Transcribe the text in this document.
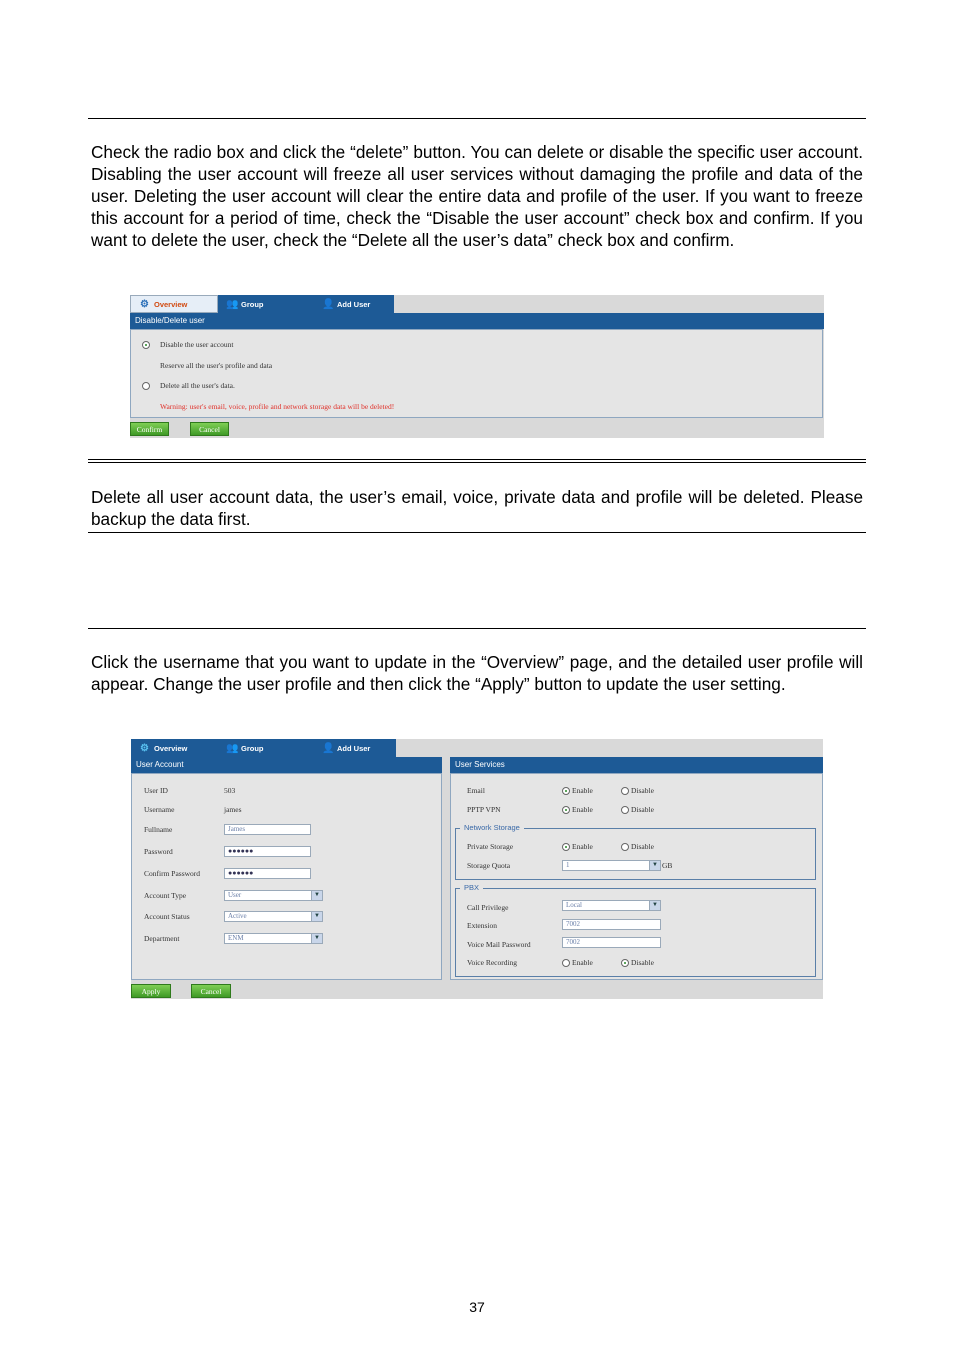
Check the radio box and click the “delete” button. You can delete or disable the specific user account. Disabling the user account will freeze all user services without damaging the profile and data of the user. Deleting the user account will clear the entire data and profile of the user. If you want to freeze this account for a period of time, check the “Disable the user account” check box and confirm. If you want to delete the user, check the “Delete all the user’s data” check box and confirm.
⚙ Overview	👥 Group	👤 Add User
Disable/Delete user
Disable the user account
Reserve all the user's profile and data
Delete all the user's data.
Warning: user's email, voice, profile and network storage data will be deleted!
Confirm	Cancel
Delete all user account data, the user’s email, voice, private data and profile will be deleted. Please backup the data first.
Click the username that you want to update in the “Overview” page, and the detailed user profile will appear. Change the user profile and then click the “Apply” button to update the user setting.
⚙ Overview	👥 Group	👤 Add User
User Account
User ID	503
Username	james
Fullname	James
Password	●●●●●●
Confirm Password	●●●●●●
Account Type	User	▼
Account Status	Active	▼
Department	ENM	▼
User Services
Email	Enable	Disable
PPTP VPN	Enable	Disable
Network Storage
Private Storage	Enable	Disable
Storage Quota	1	▼ GB
PBX
Call Privilege	Local	▼
Extension	7002
Voice Mail Password	7002
Voice Recording	Enable	Disable
Apply	Cancel
37
